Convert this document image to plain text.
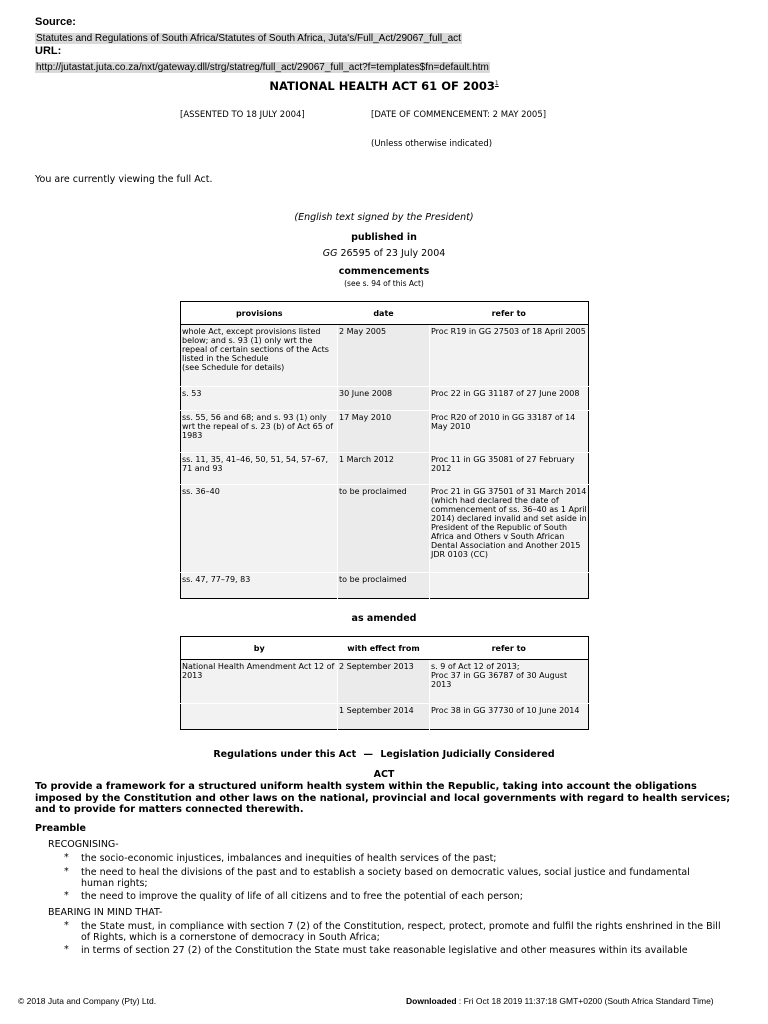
Source:
Statutes and Regulations of South Africa/Statutes of South Africa, Juta's/Full_Act/29067_full_act
URL:
http://jutastat.juta.co.za/nxt/gateway.dll/strg/statreg/full_act/29067_full_act?f=templates$fn=default.htm
NATIONAL HEALTH ACT 61 OF 2003$^1$
[ASSENTED TO 18 JULY 2004]	[DATE OF COMMENCEMENT: 2 MAY 2005]
(Unless otherwise indicated)
You are currently viewing the full Act.
(English text signed by the President)
published in
GG 26595 of 23 July 2004
commencements
(see s. 94 of this Act)
provisions	date	refer to
whole Act, except provisions listed below; and s. 93 (1) only wrt the repeal of certain sections of the Acts listed in the Schedule
(see Schedule for details)	2 May 2005	Proc R19 in GG 27503 of 18 April 2005
s. 53	30 June 2008	Proc 22 in GG 31187 of 27 June 2008
ss. 55, 56 and 68; and s. 93 (1) only wrt the repeal of s. 23 (b) of Act 65 of 1983	17 May 2010	Proc R20 of 2010 in GG 33187 of 14 May 2010
ss. 11, 35, 41–46, 50, 51, 54, 57–67, 71 and 93	1 March 2012	Proc 11 in GG 35081 of 27 February 2012
ss. 36–40	to be proclaimed	Proc 21 in GG 37501 of 31 March 2014 (which had declared the date of commencement of ss. 36–40 as 1 April 2014) declared invalid and set aside in President of the Republic of South Africa and Others v South African Dental Association and Another 2015 JDR 0103 (CC)
ss. 47, 77–79, 83	to be proclaimed	
as amended
by	with effect from	refer to
National Health Amendment Act 12 of 2013	2 September 2013	s. 9 of Act 12 of 2013;
Proc 37 in GG 36787 of 30 August 2013
	1 September 2014	Proc 38 in GG 37730 of 10 June 2014
Regulations under this Act — Legislation Judicially Considered
ACT
To provide a framework for a structured uniform health system within the Republic, taking into account the obligations imposed by the Constitution and other laws on the national, provincial and local governments with regard to health services; and to provide for matters connected therewith.
Preamble
RECOGNISING-
* the socio-economic injustices, imbalances and inequities of health services of the past;
* the need to heal the divisions of the past and to establish a society based on democratic values, social justice and fundamental human rights;
* the need to improve the quality of life of all citizens and to free the potential of each person;
BEARING IN MIND THAT-
* the State must, in compliance with section 7 (2) of the Constitution, respect, protect, promote and fulfil the rights enshrined in the Bill of Rights, which is a cornerstone of democracy in South Africa;
* in terms of section 27 (2) of the Constitution the State must take reasonable legislative and other measures within its available
© 2018 Juta and Company (Pty) Ltd.	Downloaded : Fri Oct 18 2019 11:37:18 GMT+0200 (South Africa Standard Time)
